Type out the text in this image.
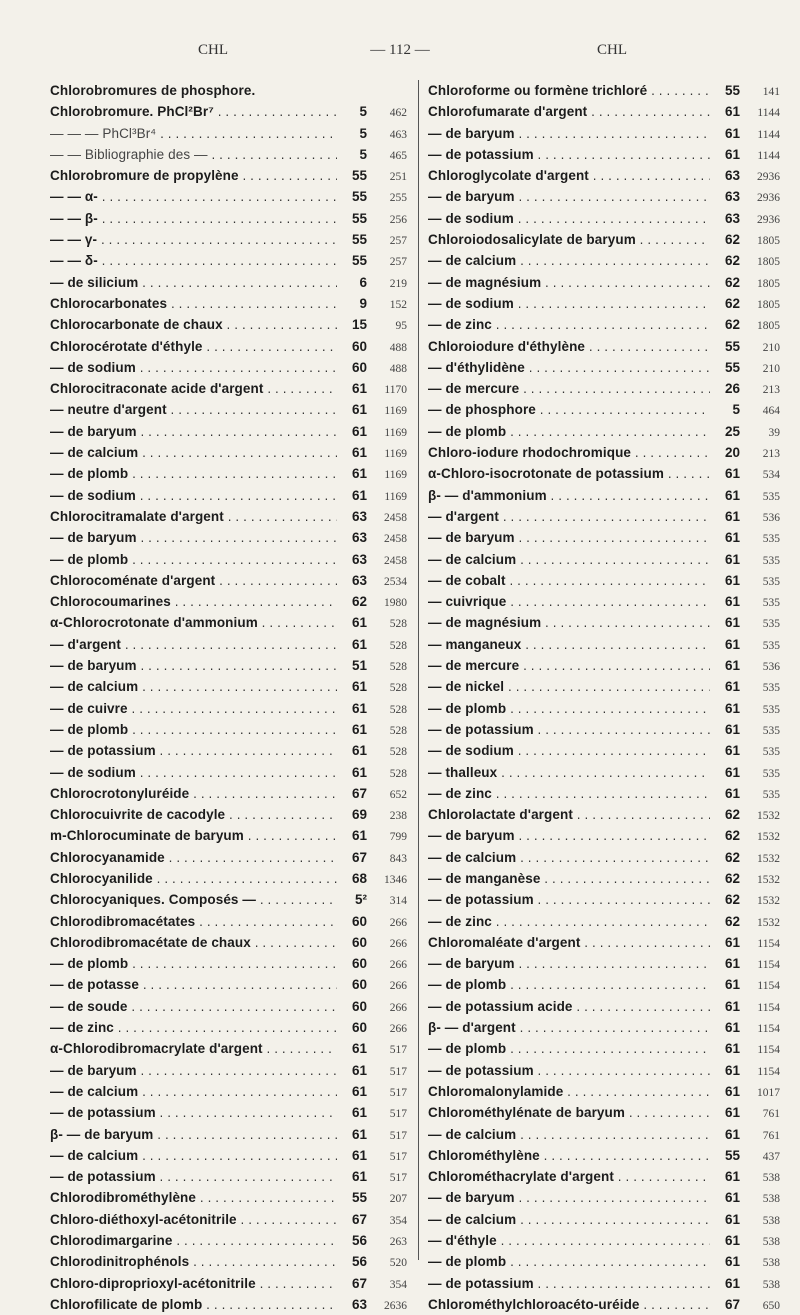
CHL	— 112 —	CHL
Chlorobromures de phosphore.
Chlorobromure. PhCl²Br⁷ . . .	5	462
— — — PhCl³Br⁴ . . .	5	463
— — Bibliographie des — . . .	5	465
Chlorobromure de propylène . . .	55	251
— — α- . . .	55	255
— — β- . . .	55	256
— — γ- . . .	55	257
— — δ- . . .	55	257
— de silicium . . .	6	219
Chlorocarbonates . . .	9	152
Chlorocarbonate de chaux . . .	15	95
Chlorocérotate d'éthyle . . .	60	488
— de sodium . . .	60	488
Chlorocitraconate acide d'argent . . .	61	1170
— neutre d'argent . . .	61	1169
— de baryum . . .	61	1169
— de calcium . . .	61	1169
— de plomb . . .	61	1169
— de sodium . . .	61	1169
Chlorocitramalate d'argent . . .	63	2458
— de baryum . . .	63	2458
— de plomb . . .	63	2458
Chlorocoménate d'argent . . .	63	2534
Chlorocoumarines . . .	62	1980
α-Chlorocrotonate d'ammonium . . .	61	528
— d'argent . . .	61	528
— de baryum . . .	51	528
— de calcium . . .	61	528
— de cuivre . . .	61	528
— de plomb . . .	61	528
— de potassium . . .	61	528
— de sodium . . .	61	528
Chlorocrotonyluréide . . .	67	652
Chlorocuivrite de cacodyle . . .	69	238
m-Chlorocuminate de baryum . . .	61	799
Chlorocyanamide . . .	67	843
Chlorocyanilide . . .	68	1346
Chlorocyaniques. Composés — . . .	5²	314
Chlorodibromacétates . . .	60	266
Chlorodibromacétate de chaux . . .	60	266
— de plomb . . .	60	266
— de potasse . . .	60	266
— de soude . . .	60	266
— de zinc . . .	60	266
α-Chlorodibromacrylate d'argent . . .	61	517
— de baryum . . .	61	517
— de calcium . . .	61	517
— de potassium . . .	61	517
β- — de baryum . . .	61	517
— de calcium . . .	61	517
— de potassium . . .	61	517
Chlorodibrométhylène . . .	55	207
Chloro-diéthoxyl-acétonitrile . . .	67	354
Chlorodimargarine . . .	56	263
Chlorodinitrophénols . . .	56	520
Chloro-diproprioxyl-acétonitrile . . .	67	354
Chlorofilicate de plomb . . .	63	2636
Chloroforme ou formène trichloré . . .	55	141
Chlorofumarate d'argent . . .	61	1144
— de baryum . . .	61	1144
— de potassium . . .	61	1144
Chloroglycolate d'argent . . .	63	2936
— de baryum . . .	63	2936
— de sodium . . .	63	2936
Chloroiodosalicylate de baryum . . .	62	1805
— de calcium . . .	62	1805
— de magnésium . . .	62	1805
— de sodium . . .	62	1805
— de zinc . . .	62	1805
Chloroiodure d'éthylène . . .	55	210
— d'éthylidène . . .	55	210
— de mercure . . .	26	213
— de phosphore . . .	5	464
— de plomb . . .	25	39
Chloro-iodure rhodochromique . . .	20	213
α-Chloro-isocrotonate de potassium . . .	61	534
β- — d'ammonium . . .	61	535
— d'argent . . .	61	536
— de baryum . . .	61	535
— de calcium . . .	61	535
— de cobalt . . .	61	535
— cuivrique . . .	61	535
— de magnésium . . .	61	535
— manganeux . . .	61	535
— de mercure . . .	61	536
— de nickel . . .	61	535
— de plomb . . .	61	535
— de potassium . . .	61	535
— de sodium . . .	61	535
— thalleux . . .	61	535
— de zinc . . .	61	535
Chlorolactate d'argent . . .	62	1532
— de baryum . . .	62	1532
— de calcium . . .	62	1532
— de manganèse . . .	62	1532
— de potassium . . .	62	1532
— de zinc . . .	62	1532
Chloromaléate d'argent . . .	61	1154
— de baryum . . .	61	1154
— de plomb . . .	61	1154
— de potassium acide . . .	61	1154
β- — d'argent . . .	61	1154
— de plomb . . .	61	1154
— de potassium . . .	61	1154
Chloromalonylamide . . .	61	1017
Chlorométhylénate de baryum . . .	61	761
— de calcium . . .	61	761
Chlorométhylène . . .	55	437
Chlorométhacrylate d'argent . . .	61	538
— de baryum . . .	61	538
— de calcium . . .	61	538
— d'éthyle . . .	61	538
— de plomb . . .	61	538
— de potassium . . .	61	538
Chlorométhylchloroacéto-uréide . . .	67	650
